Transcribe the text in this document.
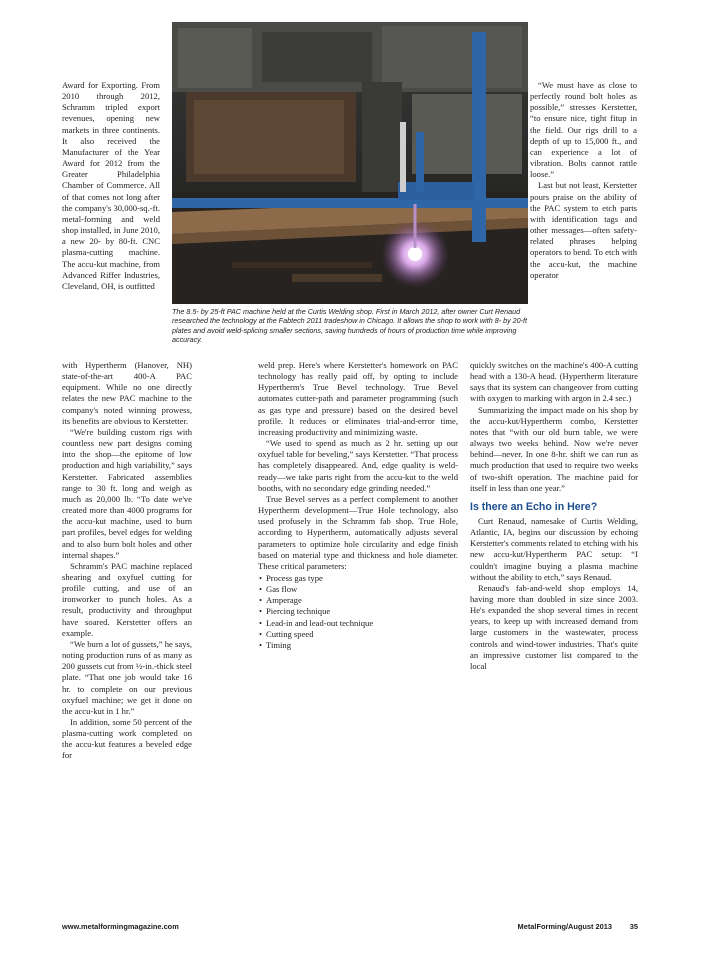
The 8.5- by 25-ft PAC machine held at the Curtis Welding shop. First in March 2012, after owner Curt Renaud researched the technology at the Fabtech 2011 tradeshow in Chicago. It allows the shop to work with 8- by 20-ft plates and avoid weld-splicing smaller sections, saving hundreds of hours of production time while improving accuracy.

Award for Exporting. From 2010 through 2012, Schramm tripled export revenues, opening new markets in three continents. It also received the Manufacturer of the Year Award for 2012 from the Greater Philadelphia Chamber of Commerce. All of that comes not long after the company's 30,000-sq.-ft. metal-forming and weld shop installed, in June 2010, a new 20- by 80-ft. CNC plasma-cutting machine. The accu-kut machine, from Advanced Riffer Industries, Cleveland, OH, is outfitted

with Hypertherm (Hanover, NH) state-of-the-art 400-A PAC equipment. While no one directly relates the new PAC machine to the company's noted winning prowess, its benefits are obvious to Kerstetter.

“We're building custom rigs with countless new part designs coming into the shop—the epitome of low production and high variability,” says Kerstetter. Fabricated assemblies range to 30 ft. long and weigh as much as 20,000 lb. “To date we've created more than 4000 programs for the accu-kut machine, used to burn part profiles, bevel edges for welding and to also burn bolt holes and other internal shapes.”

Schramm's PAC machine replaced shearing and oxyfuel cutting for profile cutting, and use of an ironworker to punch holes. As a result, productivity and throughput have soared. Kerstetter offers an example.

“We burn a lot of gussets,” he says, noting production runs of as many as 200 gussets cut from ½-in.-thick steel plate. “That one job would take 16 hr. to complete on our previous oxyfuel machine; we get it done on the accu-kut in 1 hr.”

In addition, some 50 percent of the plasma-cutting work completed on the accu-kut features a beveled edge for

weld prep. Here's where Kerstetter's homework on PAC technology has really paid off, by opting to include Hypertherm's True Bevel technology. True Bevel automates cutter-path and parameter programming (such as gas type and pressure) based on the desired bevel profile. It reduces or eliminates trial-and-error time, increasing productivity and minimizing waste.

“We used to spend as much as 2 hr. setting up our oxyfuel table for beveling,” says Kerstetter. “That process has completely disappeared. And, edge quality is weld-ready—we take parts right from the accu-kut to the weld booths, with no secondary edge grinding needed.”

True Bevel serves as a perfect complement to another Hypertherm development—True Hole technology, also used profusely in the Schramm fab shop. True Hole, according to Hypertherm, automatically adjusts several parameters to optimize hole circularity and edge finish based on material type and thickness and hole diameter. These critical parameters:

• Process gas type
• Gas flow
• Amperage
• Piercing technique
• Lead-in and lead-out technique
• Cutting speed
• Timing

“We must have as close to perfectly round bolt holes as possible,” stresses Kerstetter, “to ensure nice, tight fitup in the field. Our rigs drill to a depth of up to 15,000 ft., and can experience a lot of vibration. Bolts cannot rattle loose.”

Last but not least, Kerstetter pours praise on the ability of the PAC system to etch parts with identification tags and other messages—often safety-related phrases helping operators to bend. To etch with the accu-kut, the machine operator

quickly switches on the machine's 400-A cutting head with a 130-A head. (Hypertherm literature says that its system can changeover from cutting with oxygen to marking with argon in 2.4 sec.)

Summarizing the impact made on his shop by the accu-kut/Hypertherm combo, Kerstetter notes that “with our old burn table, we were always two weeks behind. Now we're never behind—never. In one 8-hr. shift we can run as much production that used to require two weeks of two-shift operation. The machine paid for itself in less than one year.”

Is there an Echo in Here?

Curt Renaud, namesake of Curtis Welding, Atlantic, IA, begins our discussion by echoing Kerstetter's comments related to etching with his new accu-kut/Hypertherm PAC setup: “I couldn't imagine buying a plasma machine without the ability to etch,” says Renaud.

Renaud's fab-and-weld shop employs 14, having more than doubled in size since 2003. He's expanded the shop several times in recent years, to keep up with increased demand from large customers in the wastewater, process controls and wind-tower industries. That's quite an impressive customer list compared to the local

www.metalformingmagazine.com	MetalForming/August 2013 35
